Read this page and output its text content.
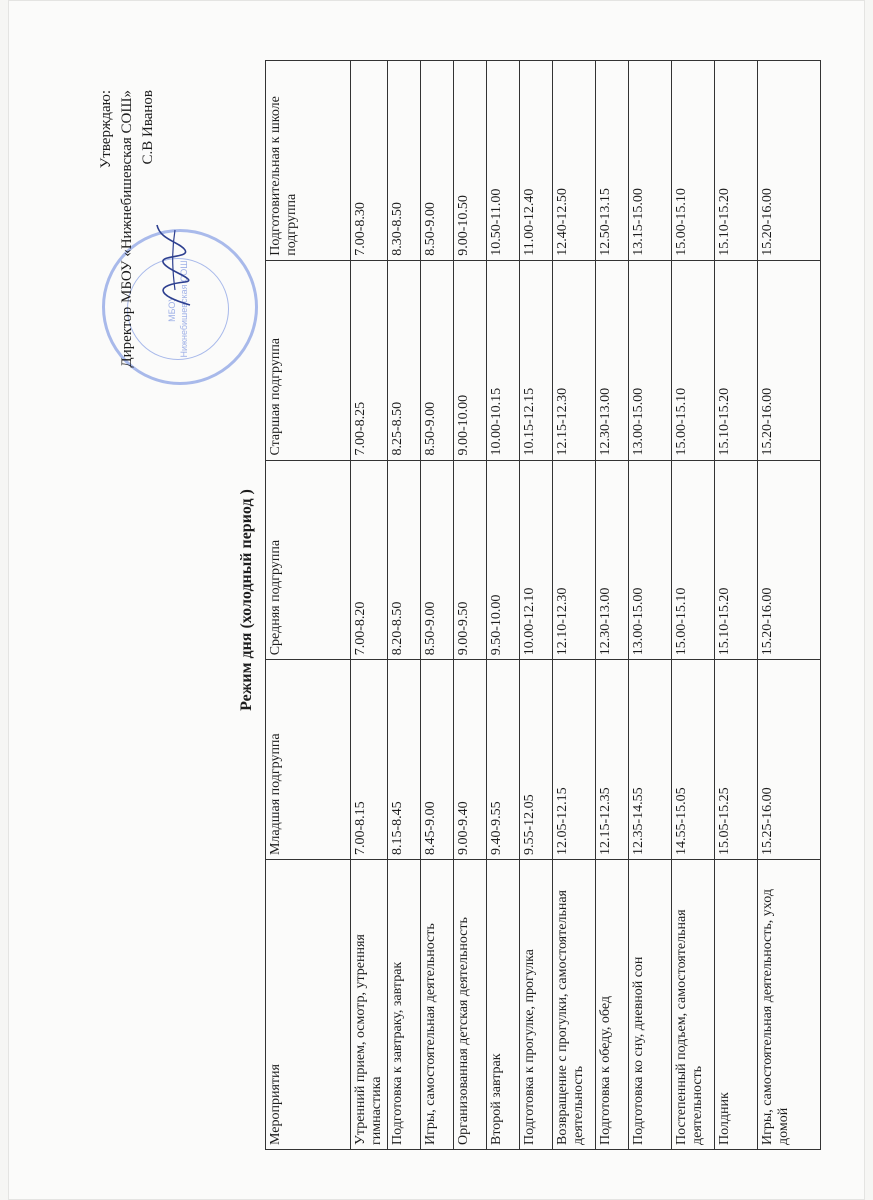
МБОУ Нижнебишевская СОШ
Утверждаю: Директор МБОУ «Нижнебишевская СОШ» С.В Иванов
Режим дня (холодный период )
Мероприятия	Младшая подгруппа	Средняя подгруппа	Старшая подгруппа	Подготовительная к школе подгруппа
Утренний прием, осмотр, утренняя гимнастика	7.00-8.15	7.00-8.20	7.00-8.25	7.00-8.30
Подготовка к завтраку, завтрак	8.15-8.45	8.20-8.50	8.25-8.50	8.30-8.50
Игры, самостоятельная деятельность	8.45-9.00	8.50-9.00	8.50-9.00	8.50-9.00
Организованная детская деятельность	9.00-9.40	9.00-9.50	9.00-10.00	9.00-10.50
Второй завтрак	9.40-9.55	9.50-10.00	10.00-10.15	10.50-11.00
Подготовка к прогулке, прогулка	9.55-12.05	10.00-12.10	10.15-12.15	11.00-12.40
Возвращение с прогулки, самостоятельная деятельность	12.05-12.15	12.10-12.30	12.15-12.30	12.40-12.50
Подготовка к обеду, обед	12.15-12.35	12.30-13.00	12.30-13.00	12.50-13.15
Подготовка ко сну, дневной сон	12.35-14.55	13.00-15.00	13.00-15.00	13.15-15.00
Постепенный подъем, самостоятельная деятельность	14.55-15.05	15.00-15.10	15.00-15.10	15.00-15.10
Полдник	15.05-15.25	15.10-15.20	15.10-15.20	15.10-15.20
Игры, самостоятельная деятельность, уход домой	15.25-16.00	15.20-16.00	15.20-16.00	15.20-16.00
